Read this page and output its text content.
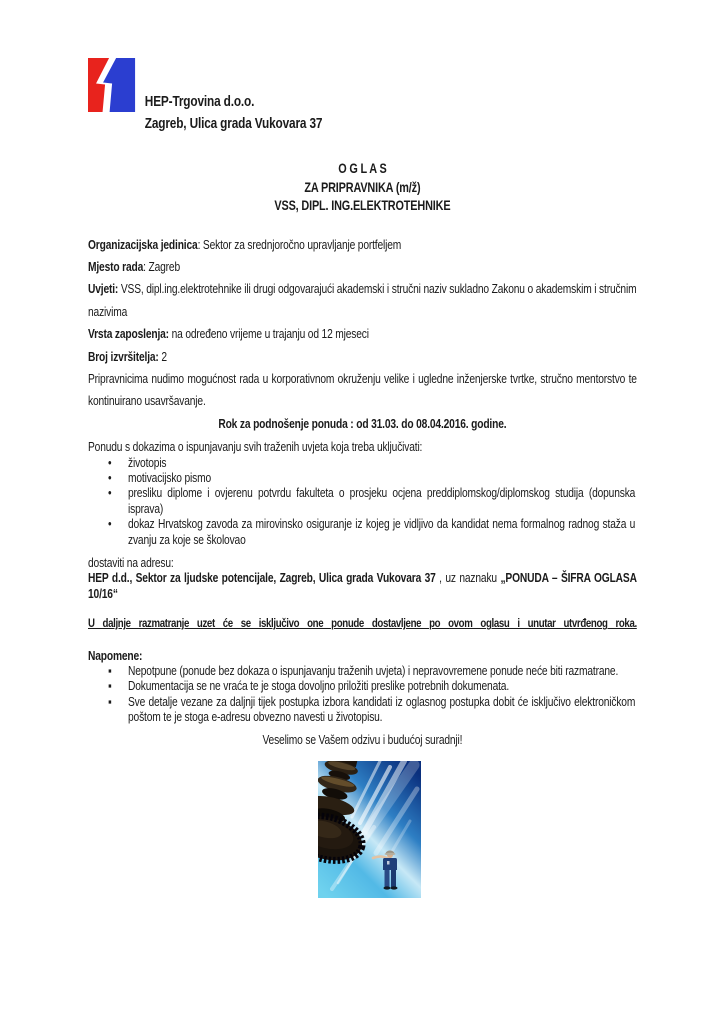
HEP-Trgovina d.o.o.
Zagreb, Ulica grada Vukovara 37
O G L A S
ZA PRIPRAVNIKA (m/ž)
VSS, DIPL. ING.ELEKTROTEHNIKE
Organizacijska jedinica: Sektor za srednjoročno upravljanje portfeljem
Mjesto rada: Zagreb
Uvjeti: VSS, dipl.ing.elektrotehnike ili drugi odgovarajući akademski i stručni naziv sukladno Zakonu o akademskim i stručnim nazivima
Vrsta zaposlenja: na određeno vrijeme u trajanju od 12 mjeseci
Broj izvršitelja: 2
Pripravnicima nudimo mogućnost rada u korporativnom okruženju velike i ugledne inženjerske tvrtke, stručno mentorstvo te kontinuirano usavršavanje.
Rok za podnošenje ponuda : od 31.03. do 08.04.2016. godine.

Ponudu s dokazima o ispunjavanju svih traženih uvjeta koja treba uključivati:

•	životopis
•	motivacijsko pismo
•	presliku diplome i ovjerenu potvrdu fakulteta o prosjeku ocjena preddiplomskog/diplomskog studija (dopunska isprava)
•	dokaz Hrvatskog zavoda za mirovinsko osiguranje iz kojeg je vidljivo da kandidat nema formalnog radnog staža u zvanju za koje se školovao

dostaviti na adresu:

HEP d.d., Sektor za ljudske potencijale, Zagreb, Ulica grada Vukovara 37 , uz naznaku „PONUDA – ŠIFRA OGLASA 10/16“

U daljnje razmatranje uzet će se isključivo one ponude dostavljene po ovom oglasu i unutar utvrđenog roka.

Napomene:

▪	Nepotpune (ponude bez dokaza o ispunjavanju traženih uvjeta) i nepravovremene ponude neće biti razmatrane.
▪	Dokumentacija se ne vraća te je stoga dovoljno priložiti preslike potrebnih dokumenata.
▪	Sve detalje vezane za daljnji tijek postupka izbora kandidati iz oglasnog postupka dobit će isključivo elektroničkom poštom te je stoga e-adresu obvezno navesti u životopisu.

Veselimo se Vašem odzivu i budućoj suradnji!
